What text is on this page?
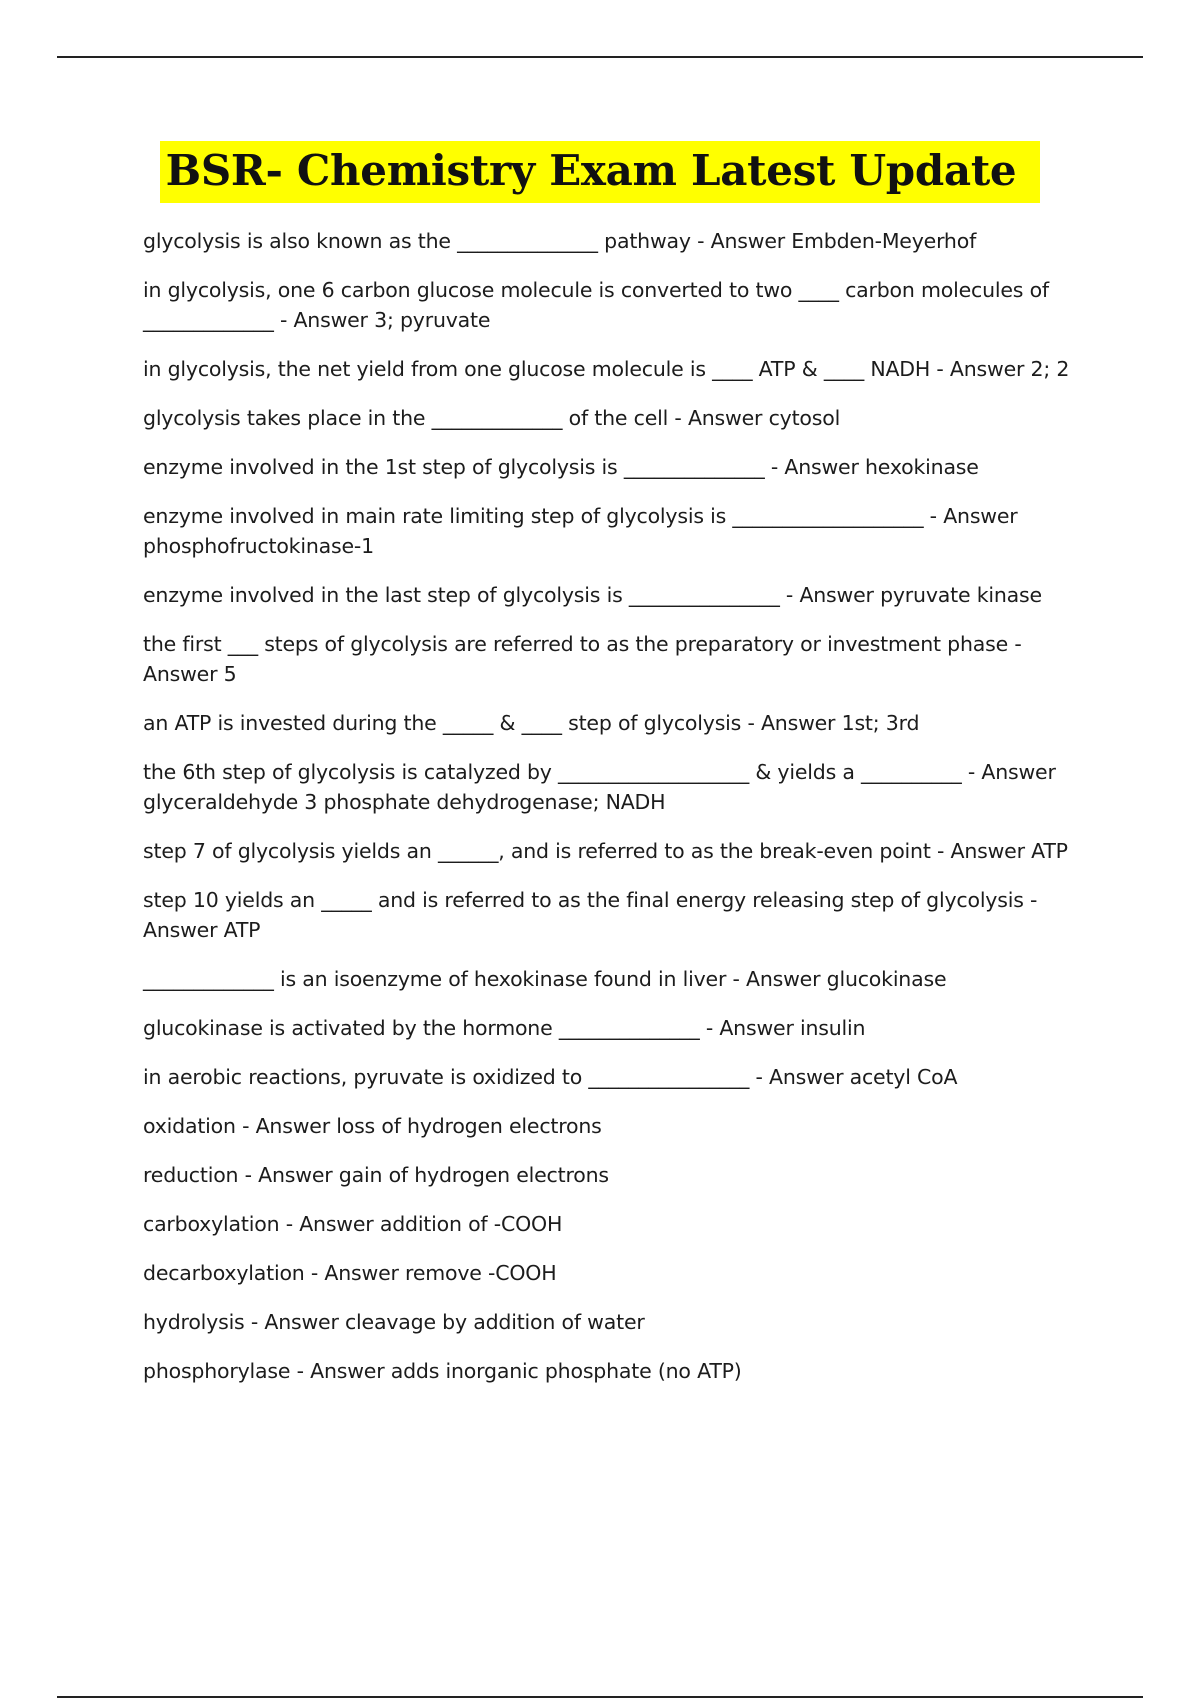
BSR- Chemistry Exam Latest Update

glycolysis is also known as the ______________ pathway - Answer Embden-Meyerhof

in glycolysis, one 6 carbon glucose molecule is converted to two ____ carbon molecules of _____________ - Answer 3; pyruvate

in glycolysis, the net yield from one glucose molecule is ____ ATP & ____ NADH - Answer 2; 2

glycolysis takes place in the _____________ of the cell - Answer cytosol

enzyme involved in the 1st step of glycolysis is ______________ - Answer hexokinase

enzyme involved in main rate limiting step of glycolysis is ___________________ - Answer phosphofructokinase-1

enzyme involved in the last step of glycolysis is _______________ - Answer pyruvate kinase

the first ___ steps of glycolysis are referred to as the preparatory or investment phase - Answer 5

an ATP is invested during the _____ & ____ step of glycolysis - Answer 1st; 3rd

the 6th step of glycolysis is catalyzed by ___________________ & yields a __________ - Answer glyceraldehyde 3 phosphate dehydrogenase; NADH

step 7 of glycolysis yields an ______, and is referred to as the break-even point - Answer ATP

step 10 yields an _____ and is referred to as the final energy releasing step of glycolysis - Answer ATP

_____________ is an isoenzyme of hexokinase found in liver - Answer glucokinase

glucokinase is activated by the hormone ______________ - Answer insulin

in aerobic reactions, pyruvate is oxidized to ________________ - Answer acetyl CoA

oxidation - Answer loss of hydrogen electrons

reduction - Answer gain of hydrogen electrons

carboxylation - Answer addition of -COOH

decarboxylation - Answer remove -COOH

hydrolysis - Answer cleavage by addition of water

phosphorylase - Answer adds inorganic phosphate (no ATP)
